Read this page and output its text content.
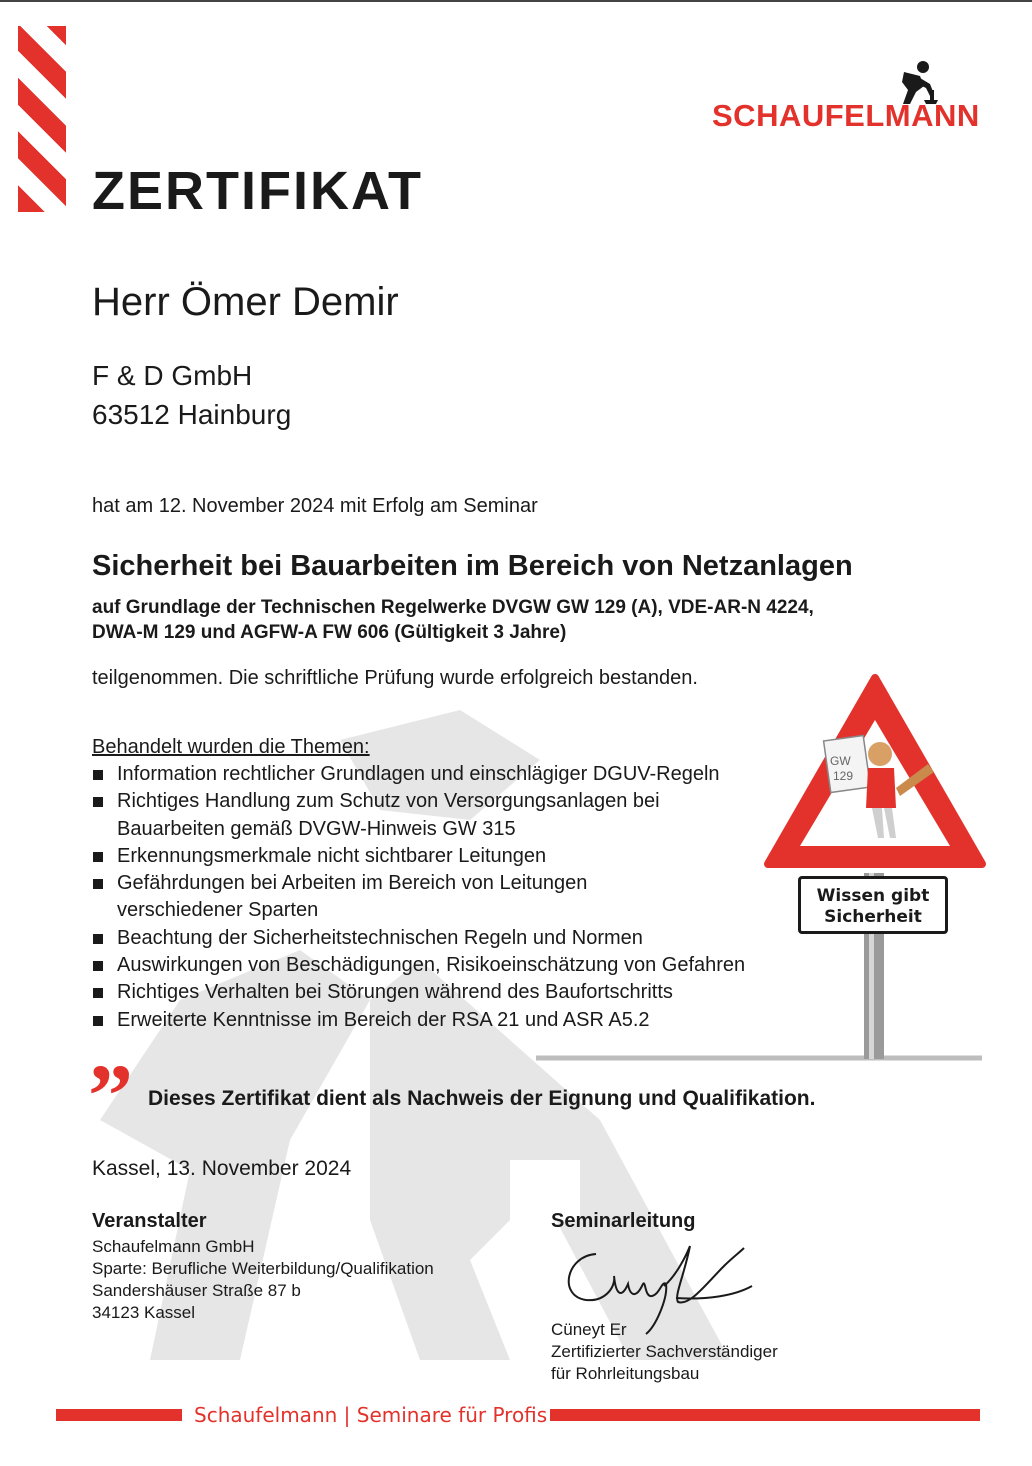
SCHAUFELMANN
ZERTIFIKAT
Herr Ömer Demir
F & D GmbH
63512 Hainburg
hat am 12. November 2024 mit Erfolg am Seminar
Sicherheit bei Bauarbeiten im Bereich von Netzanlagen
auf Grundlage der Technischen Regelwerke DVGW GW 129 (A), VDE-AR-N 4224,
DWA-M 129 und AGFW-A FW 606 (Gültigkeit 3 Jahre)
teilgenommen. Die schriftliche Prüfung wurde erfolgreich bestanden.
GW
129
Wissen gibt
Sicherheit
Behandelt wurden die Themen:
Information rechtlicher Grundlagen und einschlägiger DGUV-Regeln
Richtiges Handlung zum Schutz von Versorgungsanlagen bei Bauarbeiten gemäß DVGW-Hinweis GW 315
Erkennungsmerkmale nicht sichtbarer Leitungen
Gefährdungen bei Arbeiten im Bereich von Leitungen verschiedener Sparten
Beachtung der Sicherheitstechnischen Regeln und Normen
Auswirkungen von Beschädigungen, Risikoeinschätzung von Gefahren
Richtiges Verhalten bei Störungen während des Baufortschritts
Erweiterte Kenntnisse im Bereich der RSA 21 und ASR A5.2
” Dieses Zertifikat dient als Nachweis der Eignung und Qualifikation.
Kassel, 13. November 2024
Veranstalter
Schaufelmann GmbH
Sparte: Berufliche Weiterbildung/Qualifikation
Sandershäuser Straße 87 b
34123 Kassel
Seminarleitung
Cüneyt Er
Zertifizierter Sachverständiger
für Rohrleitungsbau
Schaufelmann | Seminare für Profis
